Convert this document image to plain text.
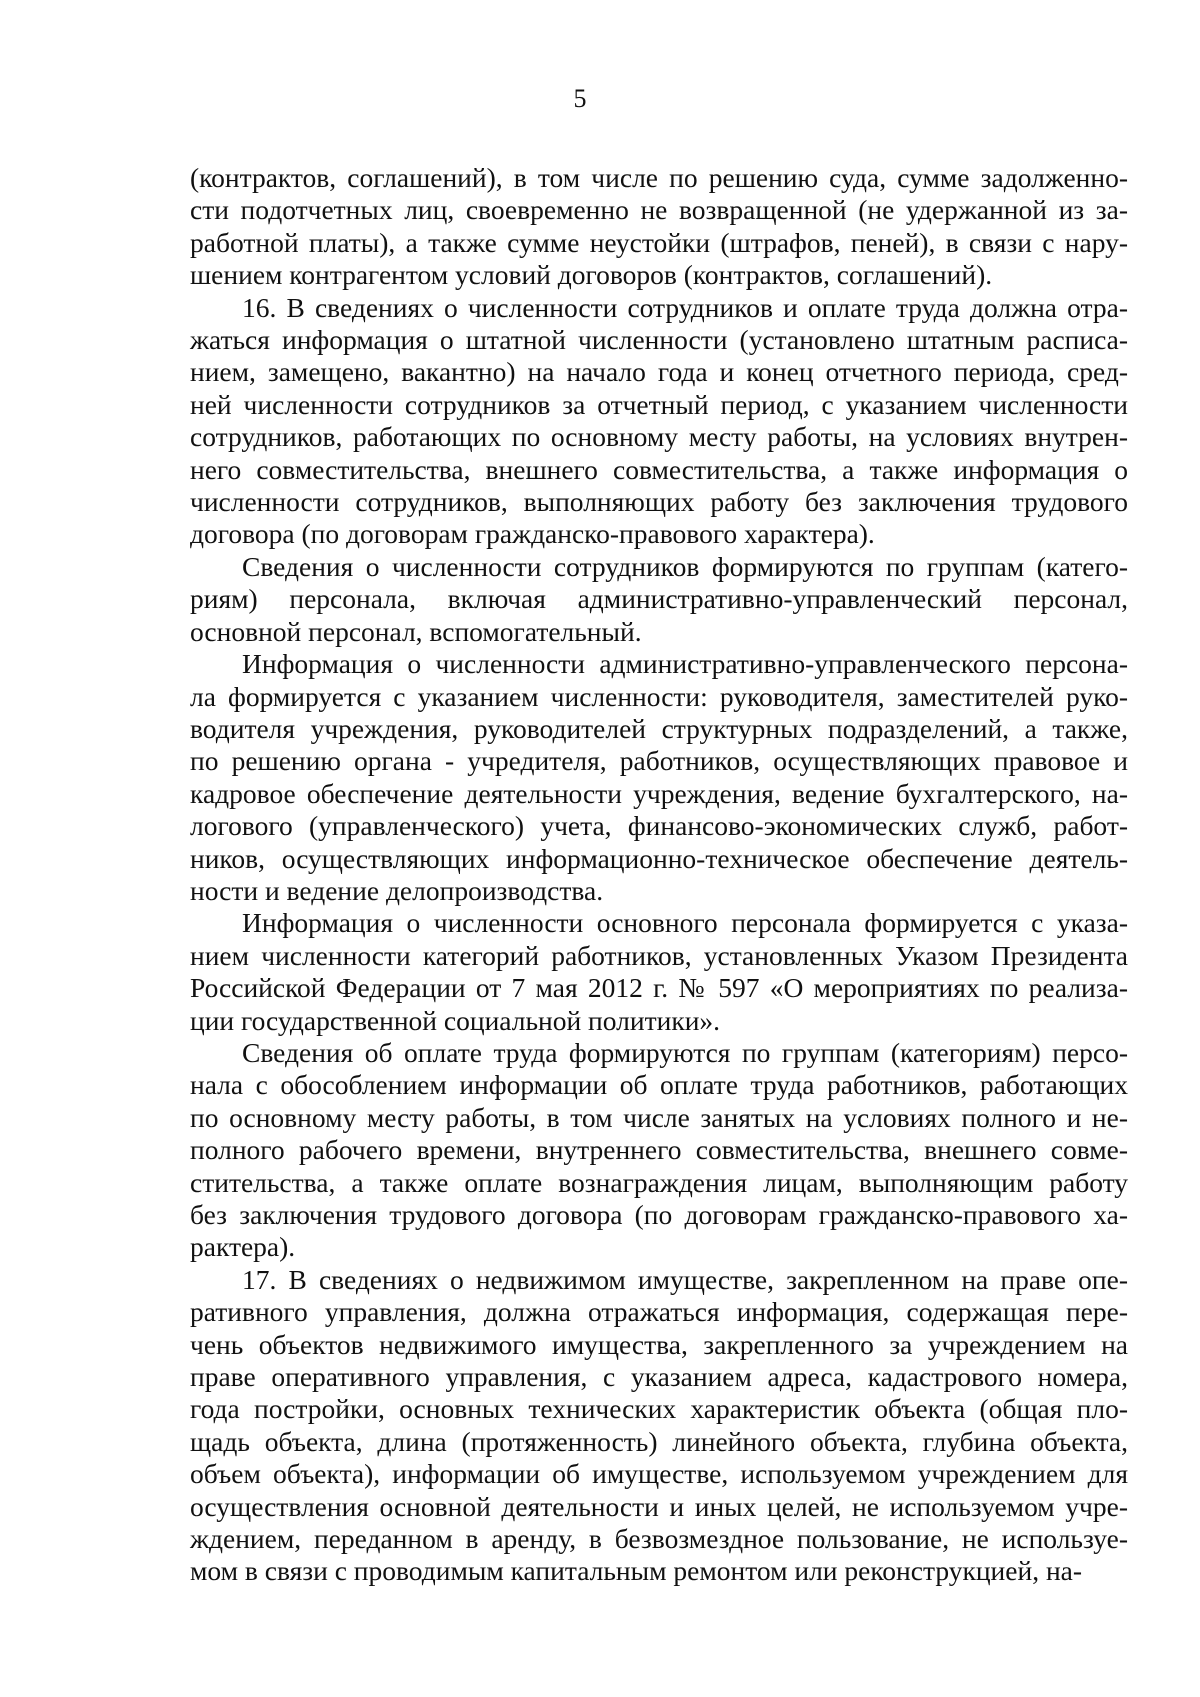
5
(контрактов, соглашений), в том числе по решению суда, сумме задолженно-
сти подотчетных лиц, своевременно не возвращенной (не удержанной из за-
работной платы), а также сумме неустойки (штрафов, пеней), в связи с нару-
шением контрагентом условий договоров (контрактов, соглашений).
16. В сведениях о численности сотрудников и оплате труда должна отра-
жаться информация о штатной численности (установлено штатным расписа-
нием, замещено, вакантно) на начало года и конец отчетного периода, сред-
ней численности сотрудников за отчетный период, с указанием численности
сотрудников, работающих по основному месту работы, на условиях внутрен-
него совместительства, внешнего совместительства, а также информация о
численности сотрудников, выполняющих работу без заключения трудового
договора (по договорам гражданско-правового характера).
Сведения о численности сотрудников формируются по группам (катего-
риям) персонала, включая административно-управленческий персонал,
основной персонал, вспомогательный.
Информация о численности административно-управленческого персона-
ла формируется с указанием численности: руководителя, заместителей руко-
водителя учреждения, руководителей структурных подразделений, а также,
по решению органа - учредителя, работников, осуществляющих правовое и
кадровое обеспечение деятельности учреждения, ведение бухгалтерского, на-
логового (управленческого) учета, финансово-экономических служб, работ-
ников, осуществляющих информационно-техническое обеспечение деятель-
ности и ведение делопроизводства.
Информация о численности основного персонала формируется с указа-
нием численности категорий работников, установленных Указом Президента
Российской Федерации от 7 мая 2012 г. № 597 «О мероприятиях по реализа-
ции государственной социальной политики».
Сведения об оплате труда формируются по группам (категориям) персо-
нала с обособлением информации об оплате труда работников, работающих
по основному месту работы, в том числе занятых на условиях полного и не-
полного рабочего времени, внутреннего совместительства, внешнего совме-
стительства, а также оплате вознаграждения лицам, выполняющим работу
без заключения трудового договора (по договорам гражданско-правового ха-
рактера).
17. В сведениях о недвижимом имуществе, закрепленном на праве опе-
ративного управления, должна отражаться информация, содержащая пере-
чень объектов недвижимого имущества, закрепленного за учреждением на
праве оперативного управления, с указанием адреса, кадастрового номера,
года постройки, основных технических характеристик объекта (общая пло-
щадь объекта, длина (протяженность) линейного объекта, глубина объекта,
объем объекта), информации об имуществе, используемом учреждением для
осуществления основной деятельности и иных целей, не используемом учре-
ждением, переданном в аренду, в безвозмездное пользование, не используе-
мом в связи с проводимым капитальным ремонтом или реконструкцией, на-
